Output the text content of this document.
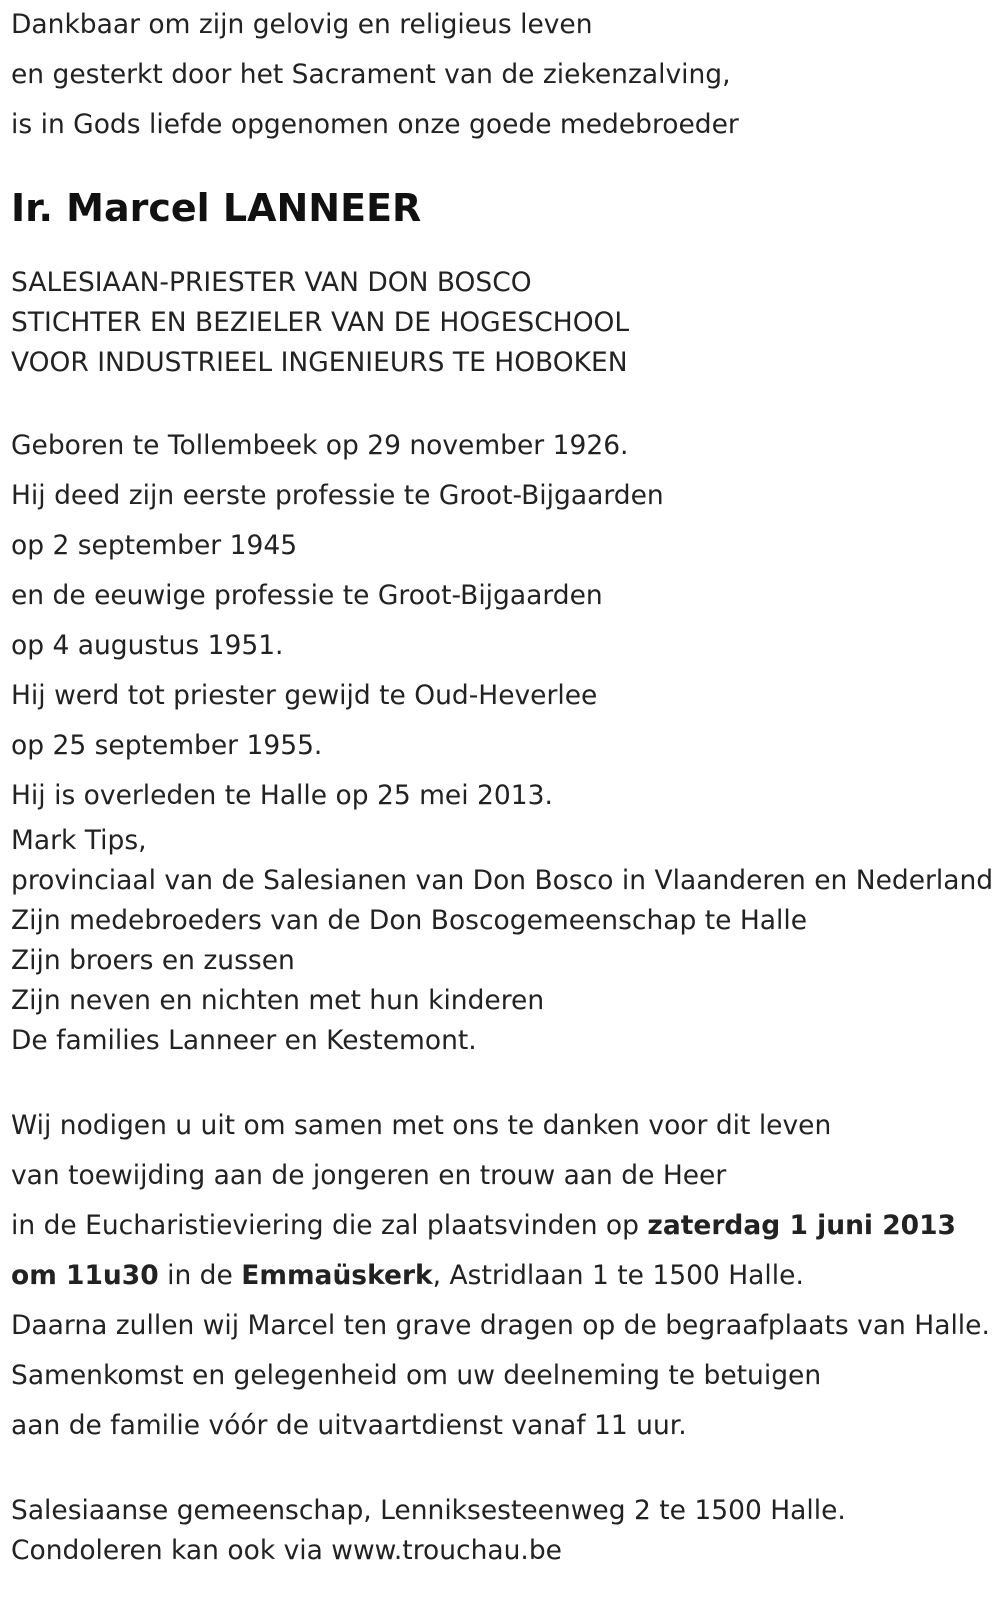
Dankbaar om zijn gelovig en religieus leven
en gesterkt door het Sacrament van de ziekenzalving,
is in Gods liefde opgenomen onze goede medebroeder
Ir. Marcel LANNEER
SALESIAAN-PRIESTER VAN DON BOSCO
STICHTER EN BEZIELER VAN DE HOGESCHOOL
VOOR INDUSTRIEEL INGENIEURS TE HOBOKEN
Geboren te Tollembeek op 29 november 1926.
Hij deed zijn eerste professie te Groot-Bijgaarden
op 2 september 1945
en de eeuwige professie te Groot-Bijgaarden
op 4 augustus 1951.
Hij werd tot priester gewijd te Oud-Heverlee
op 25 september 1955.
Hij is overleden te Halle op 25 mei 2013.
Mark Tips,
provinciaal van de Salesianen van Don Bosco in Vlaanderen en Nederland
Zijn medebroeders van de Don Boscogemeenschap te Halle
Zijn broers en zussen
Zijn neven en nichten met hun kinderen
De families Lanneer en Kestemont.
Wij nodigen u uit om samen met ons te danken voor dit leven
van toewijding aan de jongeren en trouw aan de Heer
in de Eucharistieviering die zal plaatsvinden op zaterdag 1 juni 2013
om 11u30 in de Emmaüskerk, Astridlaan 1 te 1500 Halle.
Daarna zullen wij Marcel ten grave dragen op de begraafplaats van Halle.
Samenkomst en gelegenheid om uw deelneming te betuigen
aan de familie vóór de uitvaartdienst vanaf 11 uur.
Salesiaanse gemeenschap, Lenniksesteenweg 2 te 1500 Halle.
Condoleren kan ook via www.trouchau.be
